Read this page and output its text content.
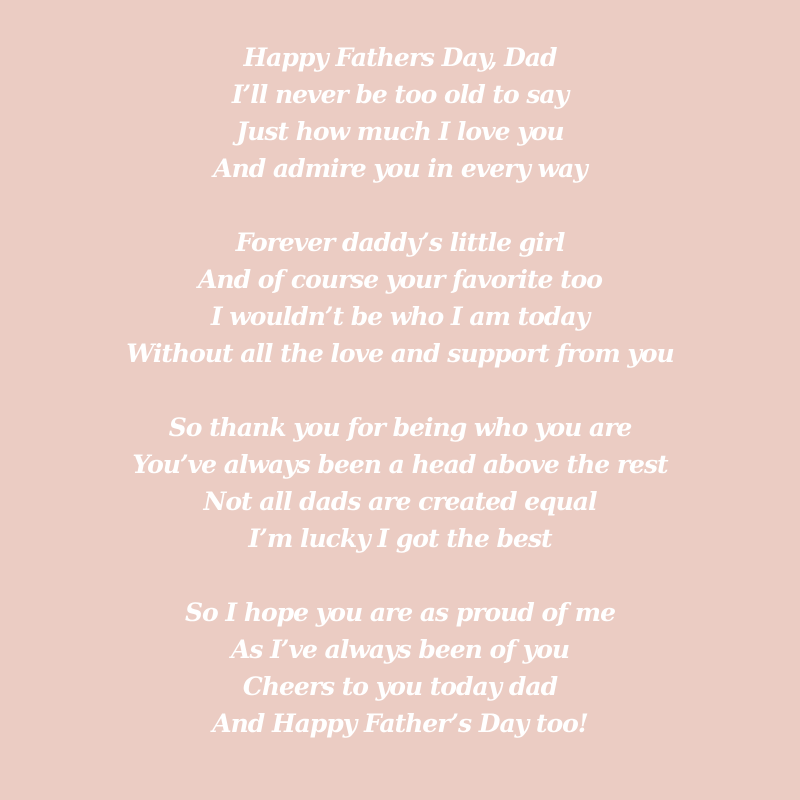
Happy Fathers Day, Dad
I’ll never be too old to say
Just how much I love you
And admire you in every way
Forever daddy’s little girl
And of course your favorite too
I wouldn’t be who I am today
Without all the love and support from you
So thank you for being who you are
You’ve always been a head above the rest
Not all dads are created equal
I’m lucky I got the best
So I hope you are as proud of me
As I’ve always been of you
Cheers to you today dad
And Happy Father’s Day too!
